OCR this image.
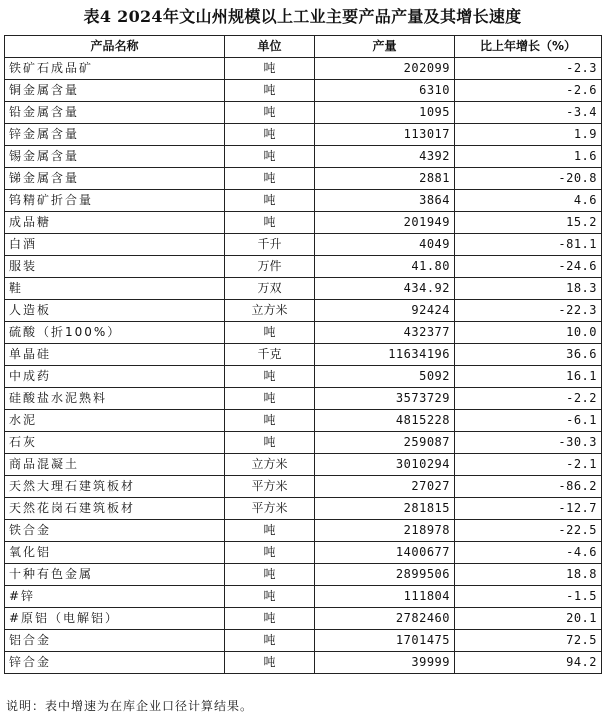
表4 2024年文山州规模以上工业主要产品产量及其增长速度
产品名称	单位	产量	比上年增长（%）
铁矿石成品矿	吨	202099	-2.3
铜金属含量	吨	6310	-2.6
铅金属含量	吨	1095	-3.4
锌金属含量	吨	113017	1.9
锡金属含量	吨	4392	1.6
锑金属含量	吨	2881	-20.8
钨精矿折合量	吨	3864	4.6
成品糖	吨	201949	15.2
白酒	千升	4049	-81.1
服装	万件	41.80	-24.6
鞋	万双	434.92	18.3
人造板	立方米	92424	-22.3
硫酸（折100%）	吨	432377	10.0
单晶硅	千克	11634196	36.6
中成药	吨	5092	16.1
硅酸盐水泥熟料	吨	3573729	-2.2
水泥	吨	4815228	-6.1
石灰	吨	259087	-30.3
商品混凝土	立方米	3010294	-2.1
天然大理石建筑板材	平方米	27027	-86.2
天然花岗石建筑板材	平方米	281815	-12.7
铁合金	吨	218978	-22.5
氧化铝	吨	1400677	-4.6
十种有色金属	吨	2899506	18.8
#锌	吨	111804	-1.5
#原铝（电解铝）	吨	2782460	20.1
铝合金	吨	1701475	72.5
锌合金	吨	39999	94.2
说明：表中增速为在库企业口径计算结果。
